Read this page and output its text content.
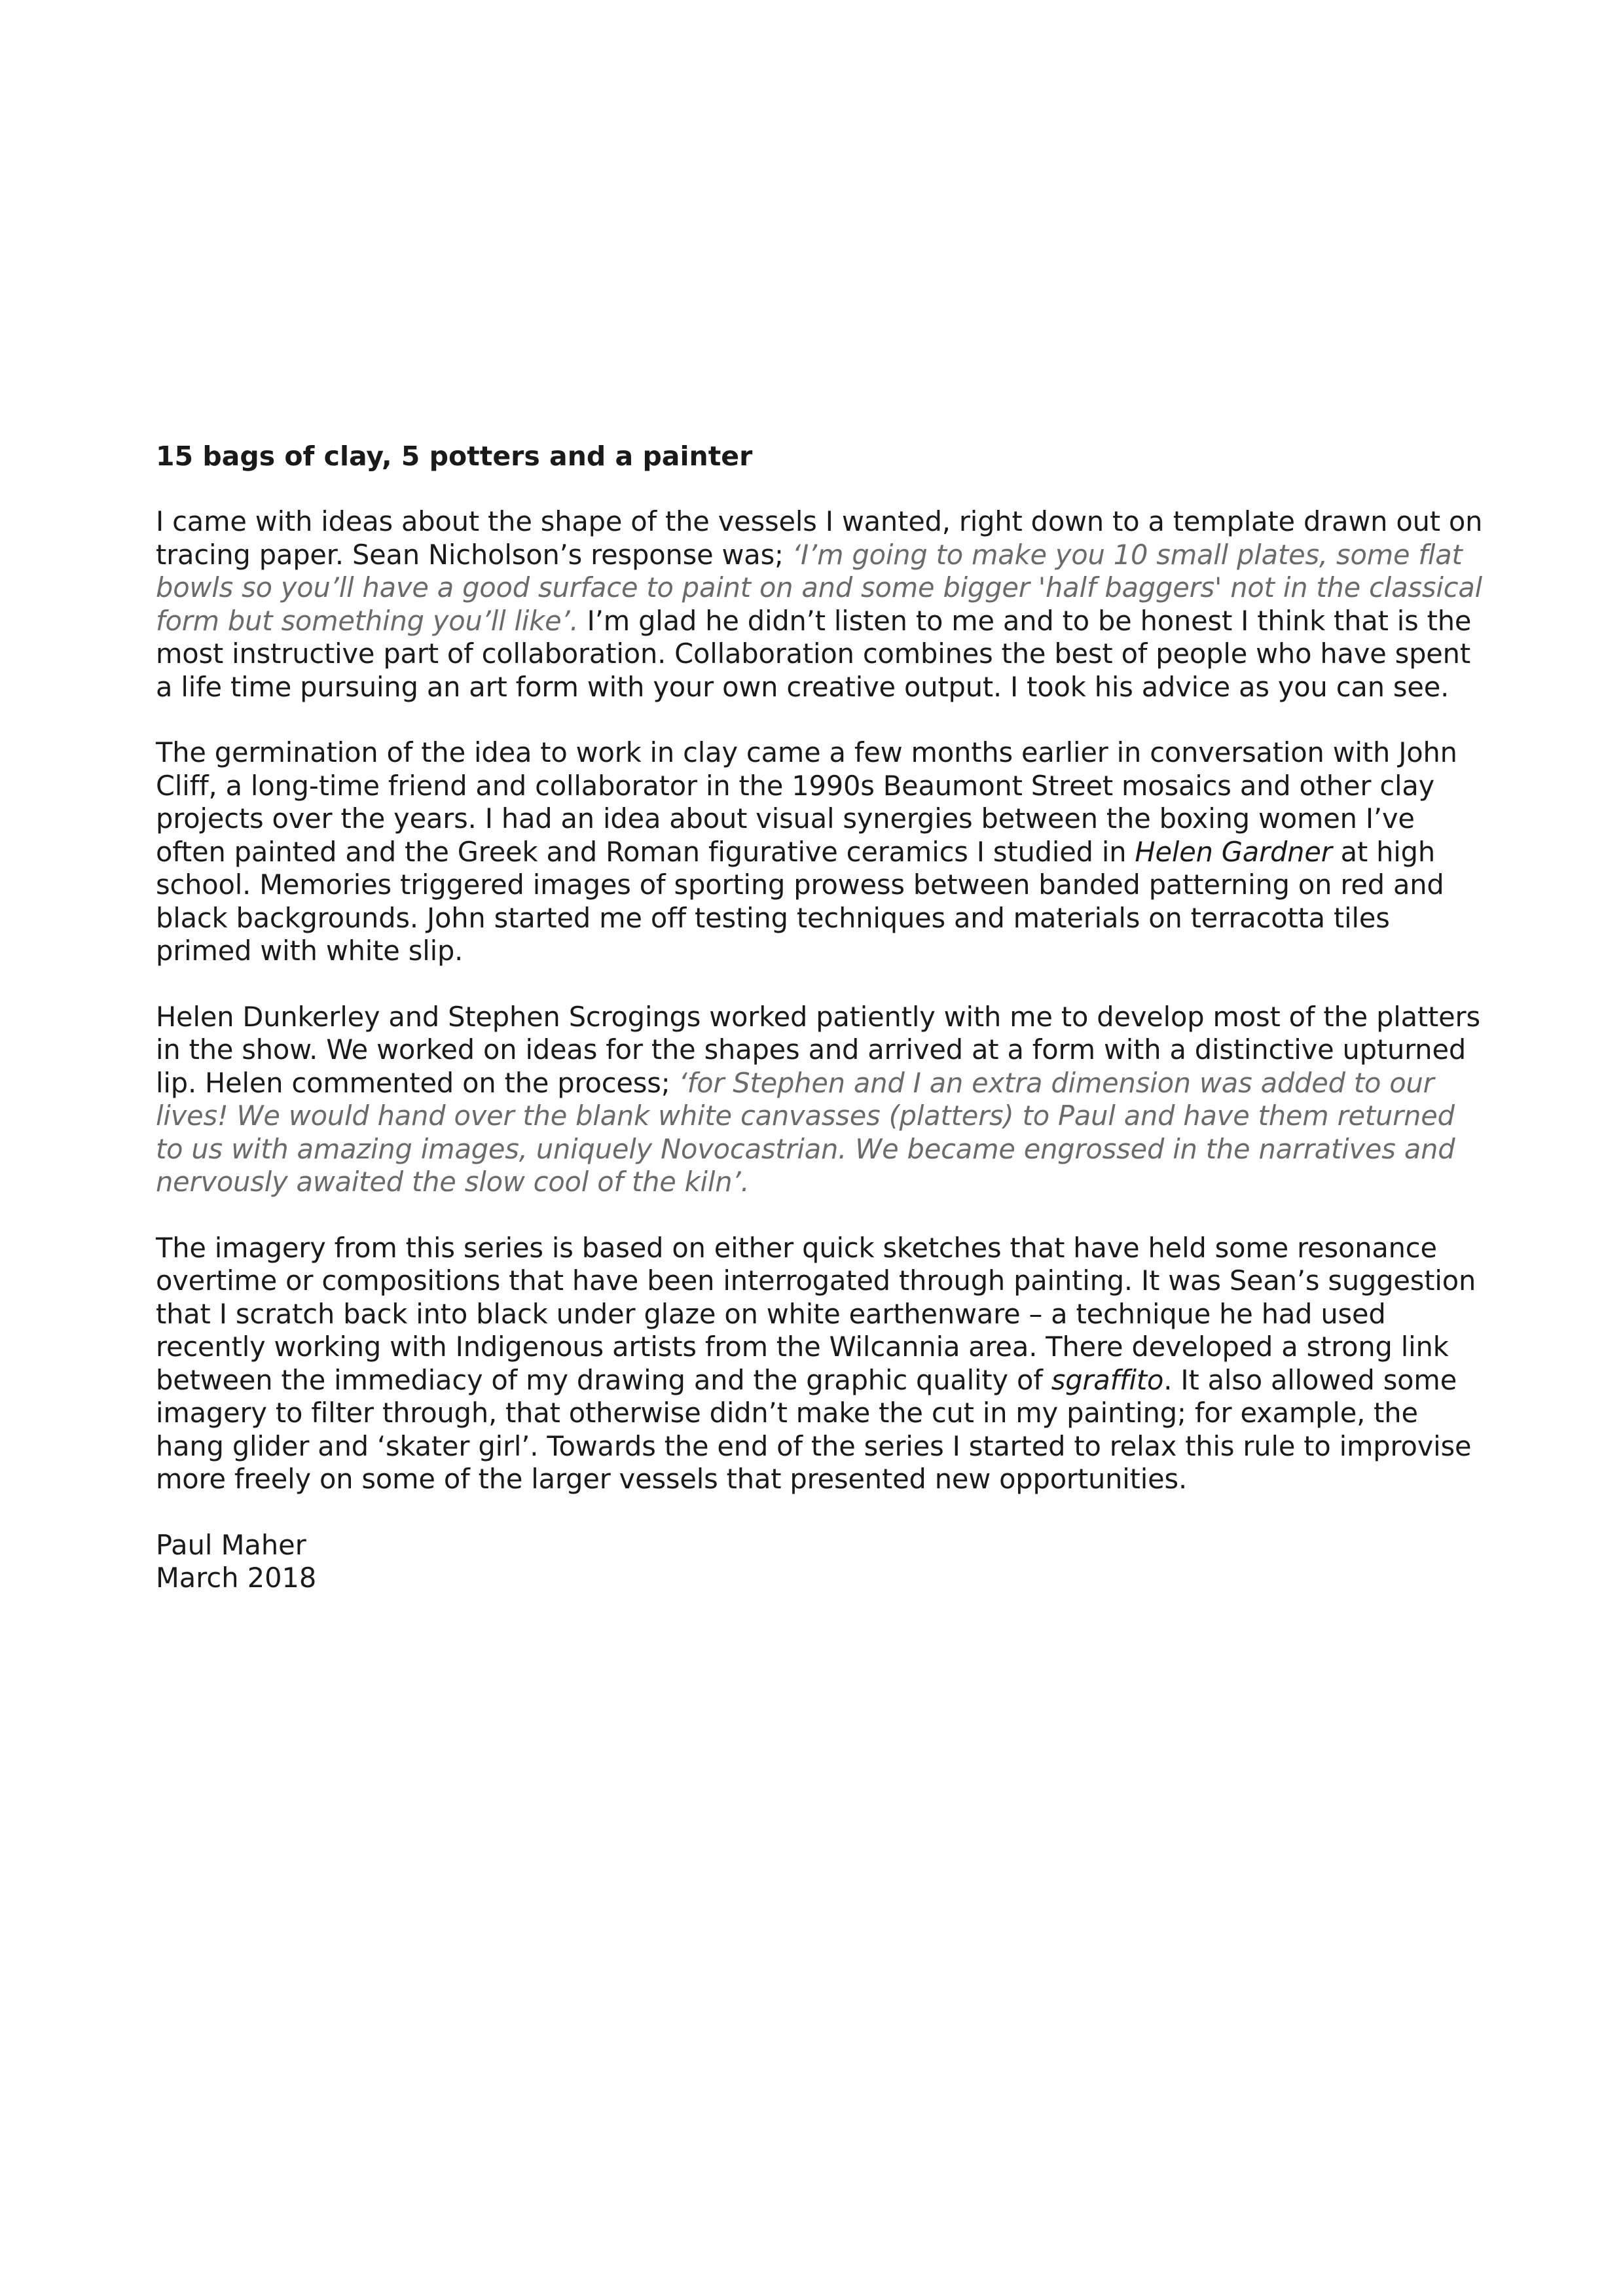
15 bags of clay, 5 potters and a painter

I came with ideas about the shape of the vessels I wanted, right down to a template drawn out on tracing paper. Sean Nicholson’s response was; ‘I’m going to make you 10 small plates, some flat bowls so you’ll have a good surface to paint on and some bigger 'half baggers' not in the classical form but something you’ll like’. I’m glad he didn’t listen to me and to be honest I think that is the most instructive part of collaboration. Collaboration combines the best of people who have spent a life time pursuing an art form with your own creative output. I took his advice as you can see.

The germination of the idea to work in clay came a few months earlier in conversation with John Cliff, a long-time friend and collaborator in the 1990s Beaumont Street mosaics and other clay projects over the years. I had an idea about visual synergies between the boxing women I’ve often painted and the Greek and Roman figurative ceramics I studied in Helen Gardner at high school. Memories triggered images of sporting prowess between banded patterning on red and black backgrounds. John started me off testing techniques and materials on terracotta tiles primed with white slip.

Helen Dunkerley and Stephen Scrogings worked patiently with me to develop most of the platters in the show. We worked on ideas for the shapes and arrived at a form with a distinctive upturned lip. Helen commented on the process; ‘for Stephen and I an extra dimension was added to our lives! We would hand over the blank white canvasses (platters) to Paul and have them returned to us with amazing images, uniquely Novocastrian. We became engrossed in the narratives and nervously awaited the slow cool of the kiln’.

The imagery from this series is based on either quick sketches that have held some resonance overtime or compositions that have been interrogated through painting. It was Sean’s suggestion that I scratch back into black under glaze on white earthenware – a technique he had used recently working with Indigenous artists from the Wilcannia area. There developed a strong link between the immediacy of my drawing and the graphic quality of sgraffito. It also allowed some imagery to filter through, that otherwise didn’t make the cut in my painting; for example, the hang glider and ‘skater girl’. Towards the end of the series I started to relax this rule to improvise more freely on some of the larger vessels that presented new opportunities.

Paul Maher
March 2018
